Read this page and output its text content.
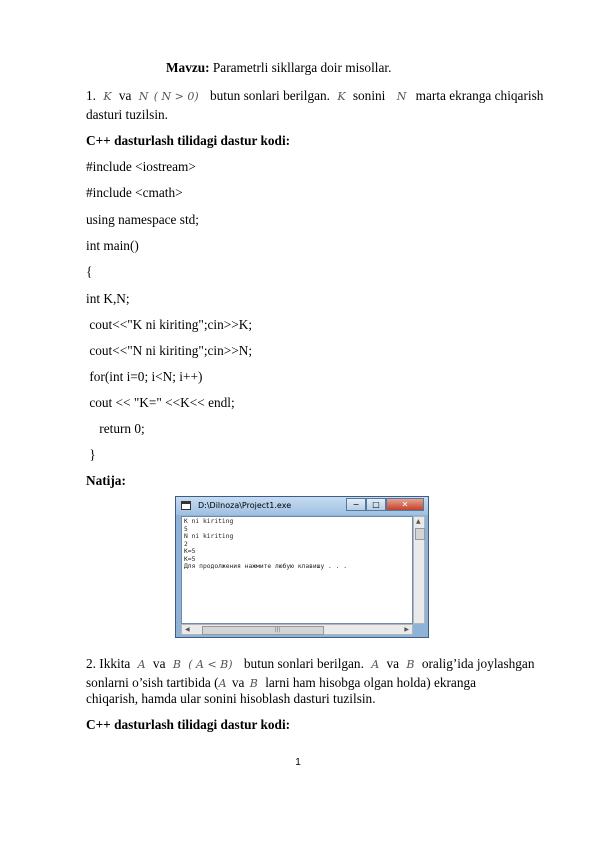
Mavzu: Parametrli sikllarga doir misollar.
1. K va N ( N > 0) butun sonlari berilgan. K sonini N marta ekranga chiqarish
dasturi tuzilsin.
C++ dasturlash tilidagi dastur kodi:
#include <iostream>
#include <cmath>
using namespace std;
int main()
{
int K,N;
cout<<"K ni kiriting";cin>>K;
cout<<"N ni kiriting";cin>>N;
for(int i=0; i<N; i++)
cout << "K=" <<K<< endl;
return 0;
}
Natija:
D:\Dilnoza\Project1.exe	−	□	✕
K ni kiriting
5
N ni kiriting
2
K=5
K=5
Для продолжения нажмите любую клавишу . . .
▲
◀	|||	▶
2. Ikkita A va B ( A < B) butun sonlari berilgan. A va B oralig’ida joylashgan
sonlarni o’sish tartibida (A va B larni ham hisobga olgan holda) ekranga
chiqarish, hamda ular sonini hisoblash dasturi tuzilsin.
C++ dasturlash tilidagi dastur kodi:
1
